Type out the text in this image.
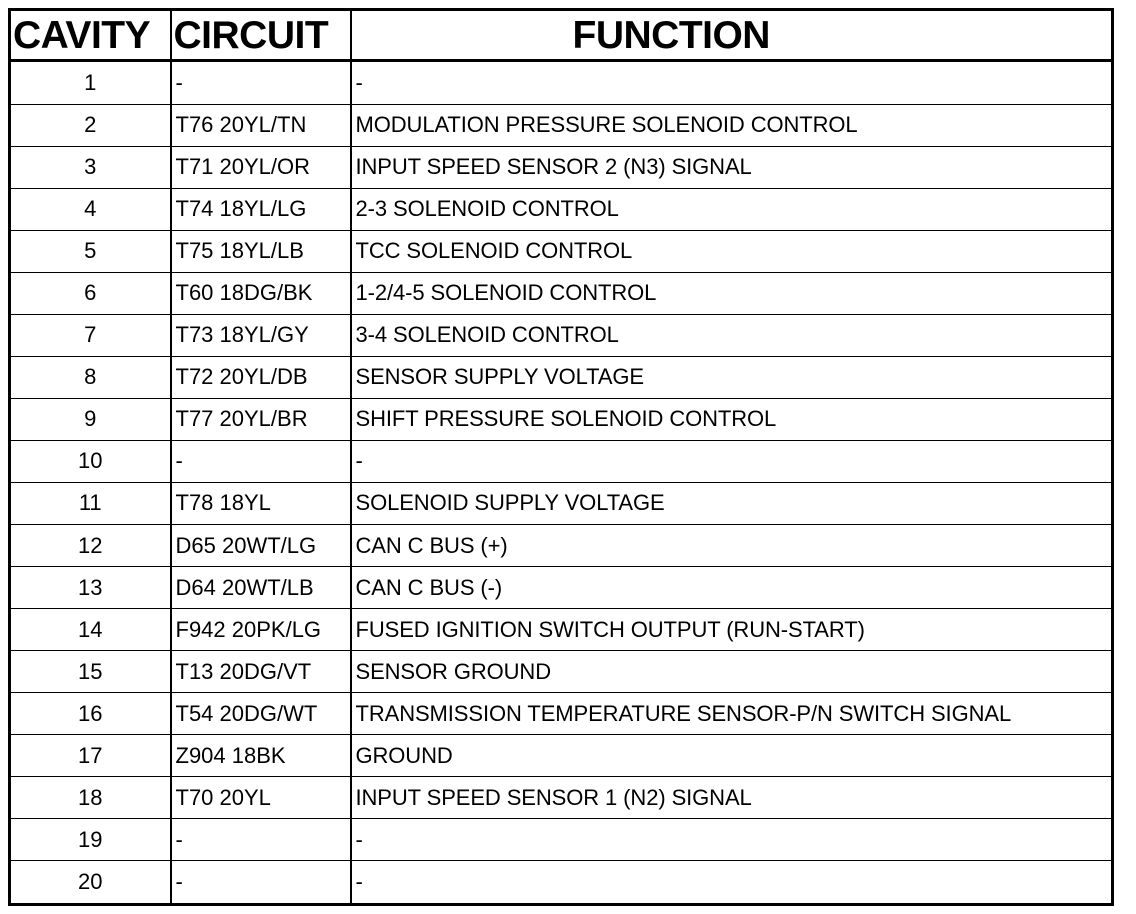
CAVITY	CIRCUIT	FUNCTION
1	-	-
2	T76 20YL/TN	MODULATION PRESSURE SOLENOID CONTROL
3	T71 20YL/OR	INPUT SPEED SENSOR 2 (N3) SIGNAL
4	T74 18YL/LG	2-3 SOLENOID CONTROL
5	T75 18YL/LB	TCC SOLENOID CONTROL
6	T60 18DG/BK	1-2/4-5 SOLENOID CONTROL
7	T73 18YL/GY	3-4 SOLENOID CONTROL
8	T72 20YL/DB	SENSOR SUPPLY VOLTAGE
9	T77 20YL/BR	SHIFT PRESSURE SOLENOID CONTROL
10	-	-
11	T78 18YL	SOLENOID SUPPLY VOLTAGE
12	D65 20WT/LG	CAN C BUS (+)
13	D64 20WT/LB	CAN C BUS (-)
14	F942 20PK/LG	FUSED IGNITION SWITCH OUTPUT (RUN-START)
15	T13 20DG/VT	SENSOR GROUND
16	T54 20DG/WT	TRANSMISSION TEMPERATURE SENSOR-P/N SWITCH SIGNAL
17	Z904 18BK	GROUND
18	T70 20YL	INPUT SPEED SENSOR 1 (N2) SIGNAL
19	-	-
20	-	-
